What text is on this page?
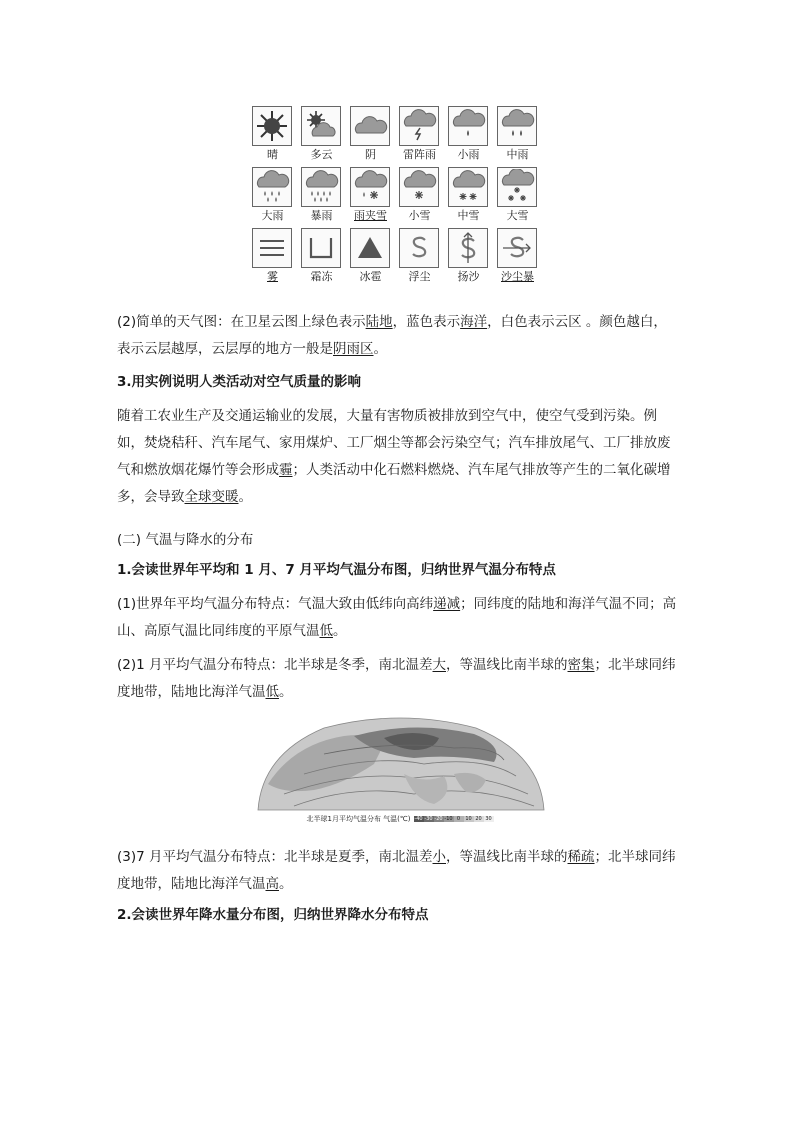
晴	多云	阴	雷阵雨	小雨	中雨
大雨	暴雨	雨夹雪	小雪	中雪	大雪
雾	霜冻	冰雹	浮尘	扬沙	沙尘暴

(2)简单的天气图：在卫星云图上绿色表示陆地，蓝色表示海洋，白色表示云区 。颜色越白，

表示云层越厚，云层厚的地方一般是阴雨区。

3.用实例说明人类活动对空气质量的影响

随着工农业生产及交通运输业的发展，大量有害物质被排放到空气中，使空气受到污染。例如，焚烧秸秆、汽车尾气、家用煤炉、工厂烟尘等都会污染空气；汽车排放尾气、工厂排放废气和燃放烟花爆竹等会形成霾；人类活动中化石燃料燃烧、汽车尾气排放等产生的二氧化碳增多，会导致全球变暖。

(二) 气温与降水的分布
1.会读世界年平均和 1 月、7 月平均气温分布图，归纳世界气温分布特点

(1)世界年平均气温分布特点：气温大致由低纬向高纬递减；同纬度的陆地和海洋气温不同；高山、高原气温比同纬度的平原气温低。

(2)1 月平均气温分布特点：北半球是冬季，南北温差大，等温线比南半球的密集；北半球同纬度地带，陆地比海洋气温低。

北半球1月平均气温分布 气温(℃) -40 -30 -20 -10 0	10 20 30

(3)7 月平均气温分布特点：北半球是夏季，南北温差小，等温线比南半球的稀疏；北半球同纬度地带，陆地比海洋气温高。

2.会读世界年降水量分布图，归纳世界降水分布特点
